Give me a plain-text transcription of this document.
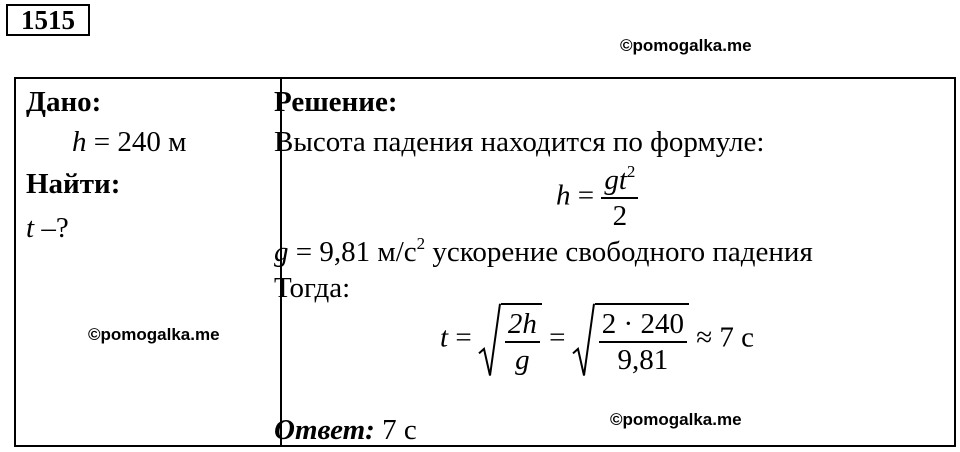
1515
©pomogalka.me
Дано:
h = 240 м
Найти:
t –?
Решение:
Высота падения находится по формуле:
$h = \frac{gt^2}{2}$
g = 9,81 $м/с^2$ ускорение свободного падения
Тогда:
$t = \frac{2h}{g} = \frac{2 \cdot 240}{9,81} \approx 7$ с
Ответ: 7 с
©pomogalka.me
©pomogalka.me
